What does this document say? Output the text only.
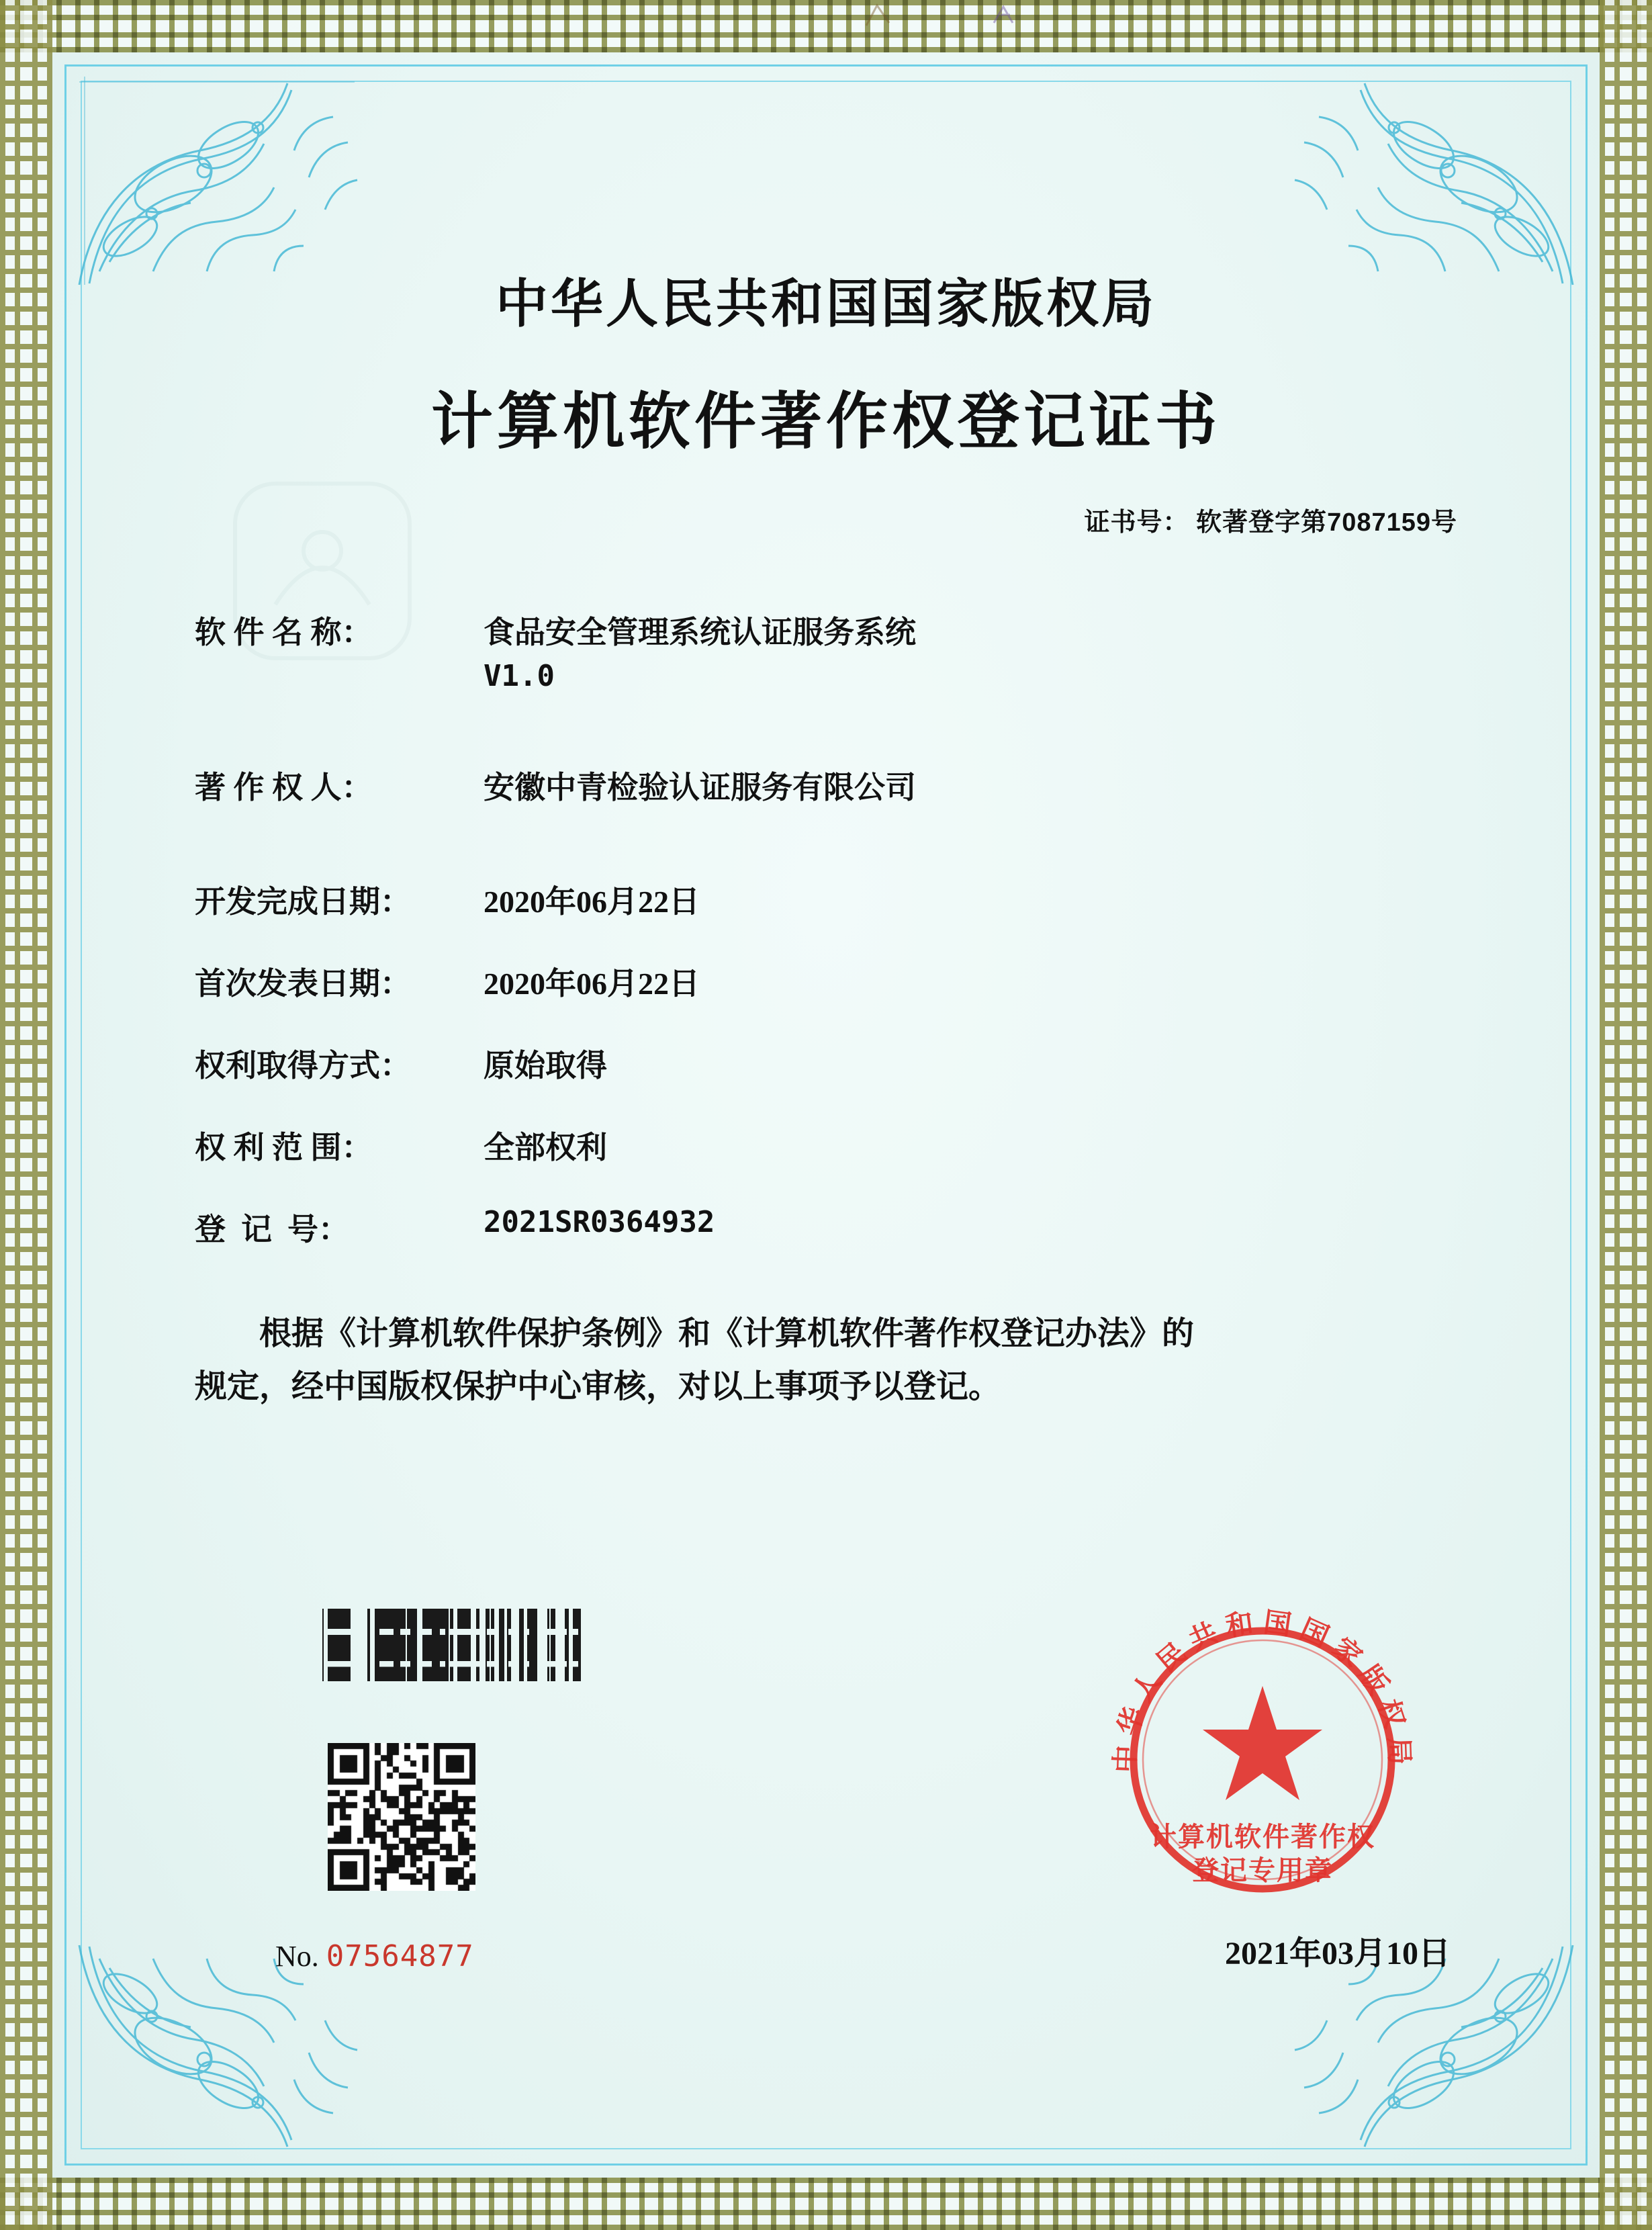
中华人民共和国国家版权局
计算机软件著作权登记证书
证书号： 软著登字第7087159号
软 件 名 称：	食品安全管理系统认证服务系统
V1.0
著 作 权 人：	安徽中青检验认证服务有限公司
开发完成日期：	2020年06月22日
首次发表日期：	2020年06月22日
权利取得方式：	原始取得
权 利 范 围：	全部权利
登  记  号：	2021SR0364932
根据《计算机软件保护条例》和《计算机软件著作权登记办法》的
规定，经中国版权保护中心审核，对以上事项予以登记。
中华人民共和国国家版权局
计算机软件著作权
登记专用章
No. 07564877	2021年03月10日
